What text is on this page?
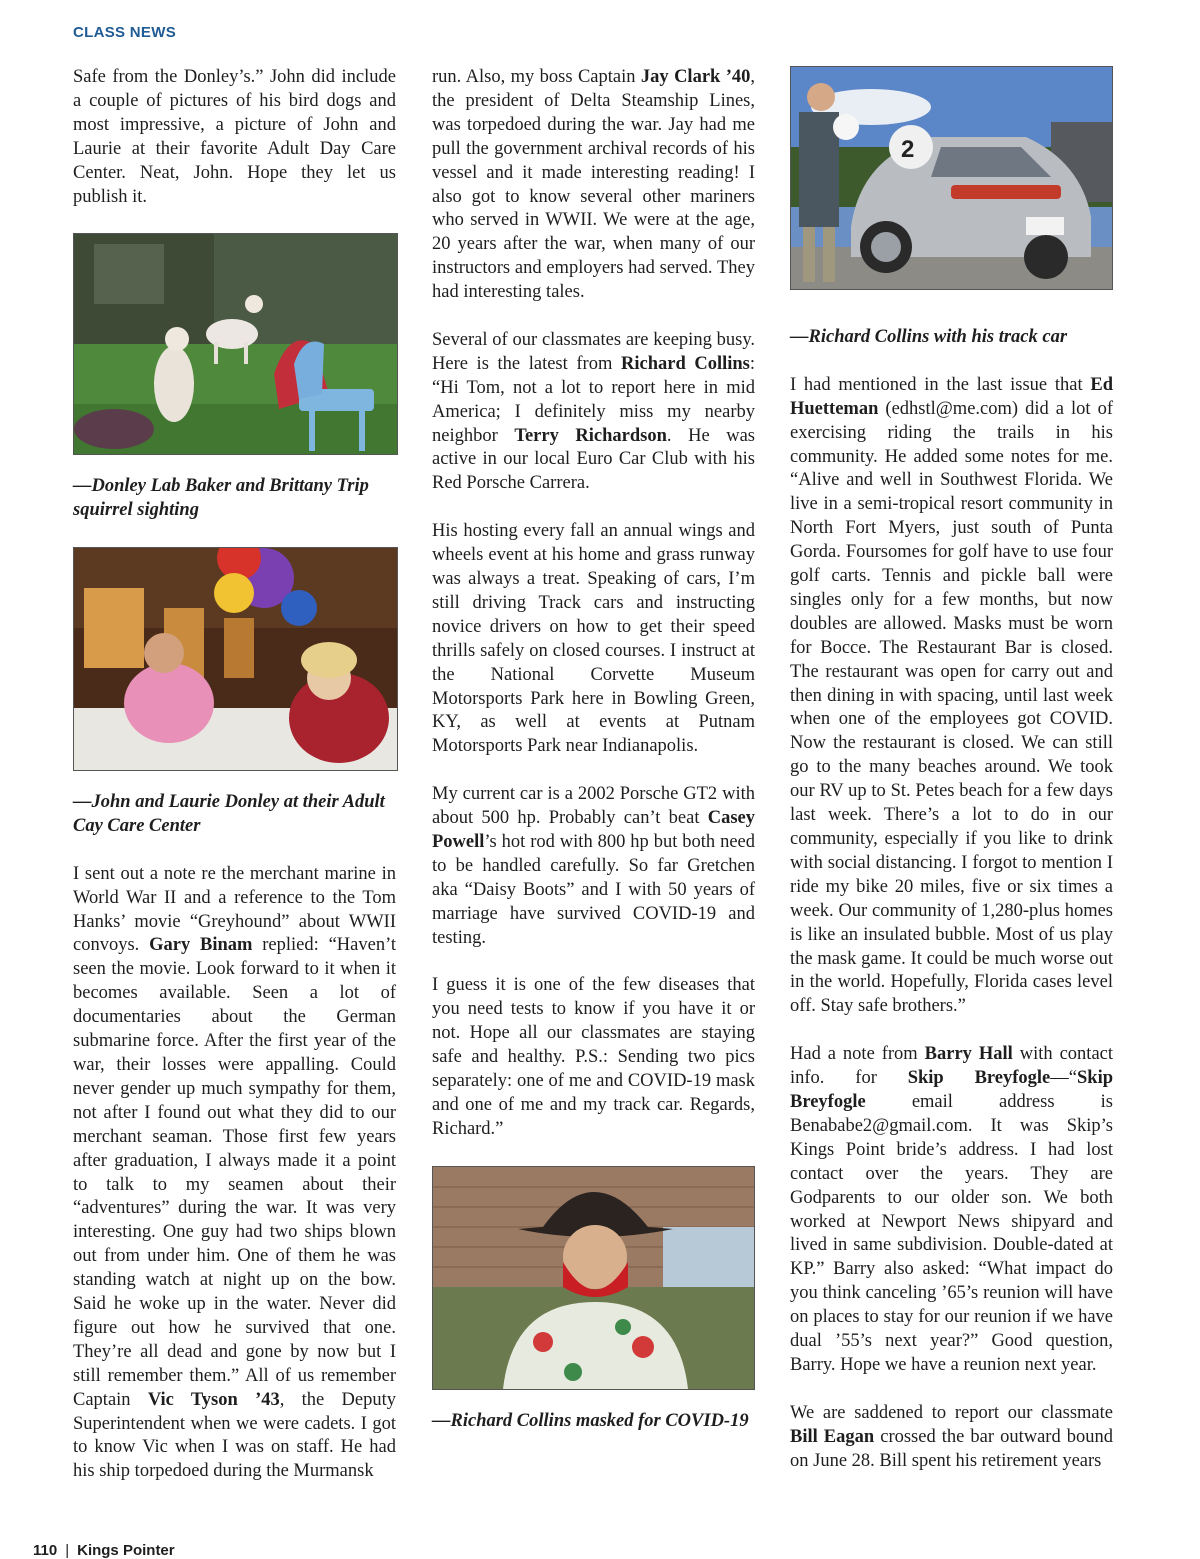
CLASS NEWS

Safe from the Donley’s.” John did include a couple of pictures of his bird dogs and most impressive, a picture of John and Laurie at their favorite Adult Day Care Center. Neat, John. Hope they let us publish it.

—Donley Lab Baker and Brittany Trip squirrel sighting

—John and Laurie Donley at their Adult Cay Care Center

I sent out a note re the merchant marine in World War II and a reference to the Tom Hanks’ movie “Greyhound” about WWII convoys. Gary Binam replied: “Haven’t seen the movie. Look forward to it when it becomes available. Seen a lot of documentaries about the German submarine force. After the first year of the war, their losses were appalling. Could never gender up much sympathy for them, not after I found out what they did to our merchant seaman. Those first few years after graduation, I always made it a point to talk to my seamen about their “adventures” during the war. It was very interesting. One guy had two ships blown out from under him. One of them he was standing watch at night up on the bow. Said he woke up in the water. Never did figure out how he survived that one. They’re all dead and gone by now but I still remember them.” All of us remember Captain Vic Tyson ’43, the Deputy Superintendent when we were cadets. I got to know Vic when I was on staff. He had his ship torpedoed during the Murmansk

run. Also, my boss Captain Jay Clark ’40, the president of Delta Steamship Lines, was torpedoed during the war. Jay had me pull the government archival records of his vessel and it made interesting reading! I also got to know several other mariners who served in WWII. We were at the age, 20 years after the war, when many of our instructors and employers had served. They had interesting tales.

Several of our classmates are keeping busy. Here is the latest from Richard Collins: “Hi Tom, not a lot to report here in mid America; I definitely miss my nearby neighbor Terry Richardson. He was active in our local Euro Car Club with his Red Porsche Carrera.

His hosting every fall an annual wings and wheels event at his home and grass runway was always a treat. Speaking of cars, I’m still driving Track cars and instructing novice drivers on how to get their speed thrills safely on closed courses. I instruct at the National Corvette Museum Motorsports Park here in Bowling Green, KY, as well at events at Putnam Motorsports Park near Indianapolis.

My current car is a 2002 Porsche GT2 with about 500 hp. Probably can’t beat Casey Powell’s hot rod with 800 hp but both need to be handled carefully. So far Gretchen aka “Daisy Boots” and I with 50 years of marriage have survived COVID-19 and testing.

I guess it is one of the few diseases that you need tests to know if you have it or not. Hope all our classmates are staying safe and healthy. P.S.: Sending two pics separately: one of me and COVID-19 mask and one of me and my track car. Regards, Richard.”

—Richard Collins masked for COVID-19

2

—Richard Collins with his track car

I had mentioned in the last issue that Ed Huetteman (edhstl@me.com) did a lot of exercising riding the trails in his community. He added some notes for me. “Alive and well in Southwest Florida. We live in a semi-tropical resort community in North Fort Myers, just south of Punta Gorda. Foursomes for golf have to use four golf carts. Tennis and pickle ball were singles only for a few months, but now doubles are allowed. Masks must be worn for Bocce. The Restaurant Bar is closed. The restaurant was open for carry out and then dining in with spacing, until last week when one of the employees got COVID. Now the restaurant is closed. We can still go to the many beaches around. We took our RV up to St. Petes beach for a few days last week. There’s a lot to do in our community, especially if you like to drink with social distancing. I forgot to mention I ride my bike 20 miles, five or six times a week. Our community of 1,280-plus homes is like an insulated bubble. Most of us play the mask game. It could be much worse out in the world. Hopefully, Florida cases level off. Stay safe brothers.”

Had a note from Barry Hall with contact info. for Skip Breyfogle—“Skip Breyfogle email address is Benababe2@gmail.com. It was Skip’s Kings Point bride’s address. I had lost contact over the years. They are Godparents to our older son. We both worked at Newport News shipyard and lived in same subdivision. Double-dated at KP.” Barry also asked: “What impact do you think canceling ’65’s reunion will have on places to stay for our reunion if we have dual ’55’s next year?” Good question, Barry. Hope we have a reunion next year.

We are saddened to report our classmate Bill Eagan crossed the bar outward bound on June 28. Bill spent his retirement years

110 | Kings Pointer
